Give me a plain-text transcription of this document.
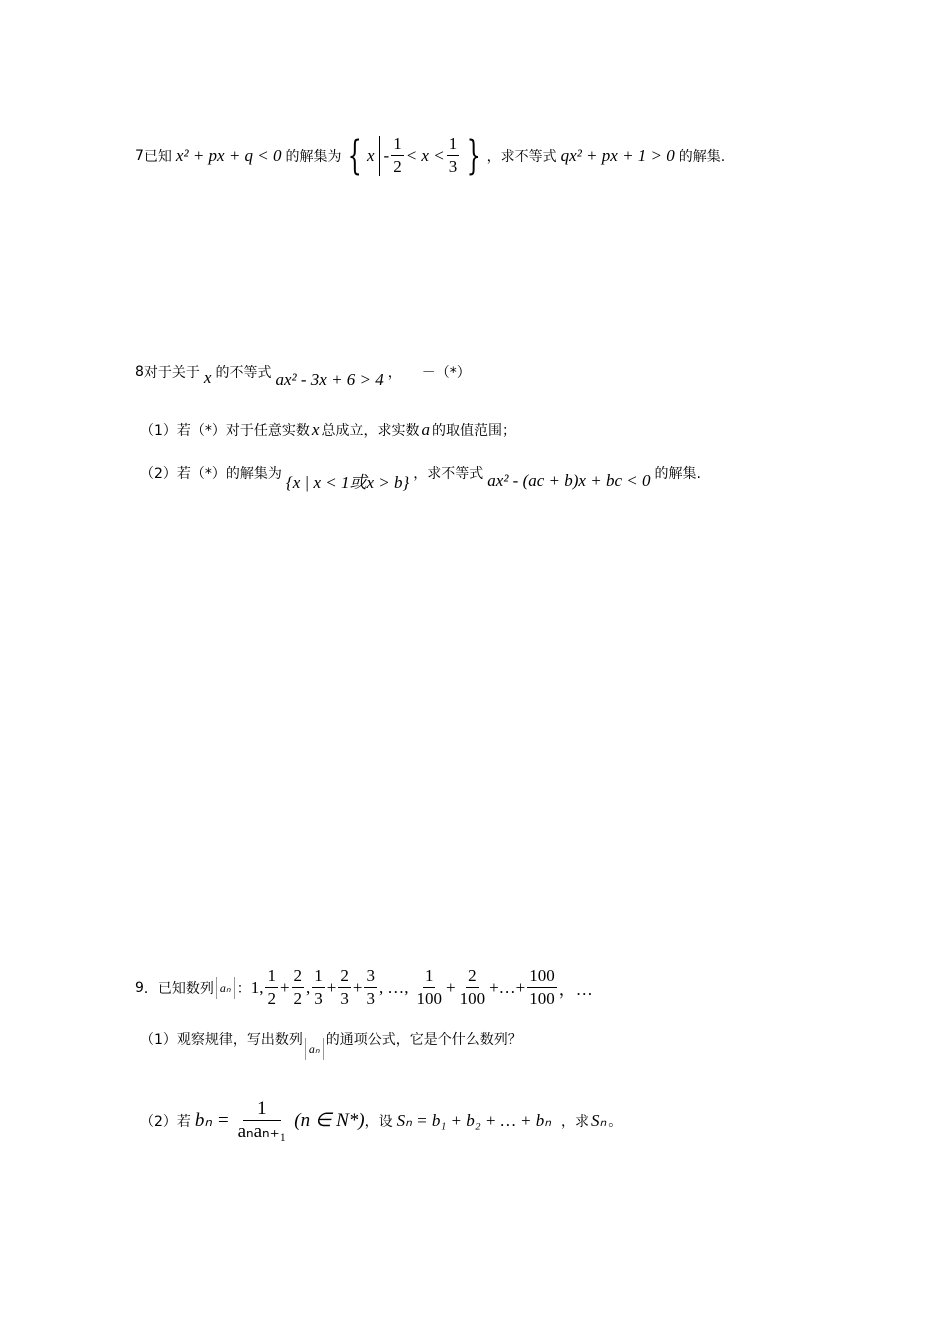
7 已知 x² + px + q < 0 的解集为 { $x - \frac{1}{2} < x < \frac{1}{3}$ } ，求不等式 qx² + px + 1 > 0 的解集.
8 对于关于 x 的不等式 ax² - 3x + 6 > 4 ， －（*）
（1）若（*）对于任意实数 x 总成立，求实数 a 的取值范围；
（2）若（*）的解集为 {x | x < 1或x > b} ，求不等式 ax² - (ac + b)x + bc < 0 的解集.
9 ．已知数列 aₙ ： 1, $\frac{1}{2} + \frac{2}{2}$ , $\frac{1}{3} + \frac{2}{3} + \frac{3}{3}$ , …, $\frac{1}{100} + \frac{2}{100}$ +…+ $\frac{100}{100}$ ，…
（1）观察规律，写出数列
aₙ
的通项公式，它是个什么数列？
（2）若 $b_n = \frac{1}{\text{aₙaₙ₊₁}} (n$ ∈ N*) ，设 Sₙ = b₁ + b₂ + … + bₙ ，求 Sₙ 。
